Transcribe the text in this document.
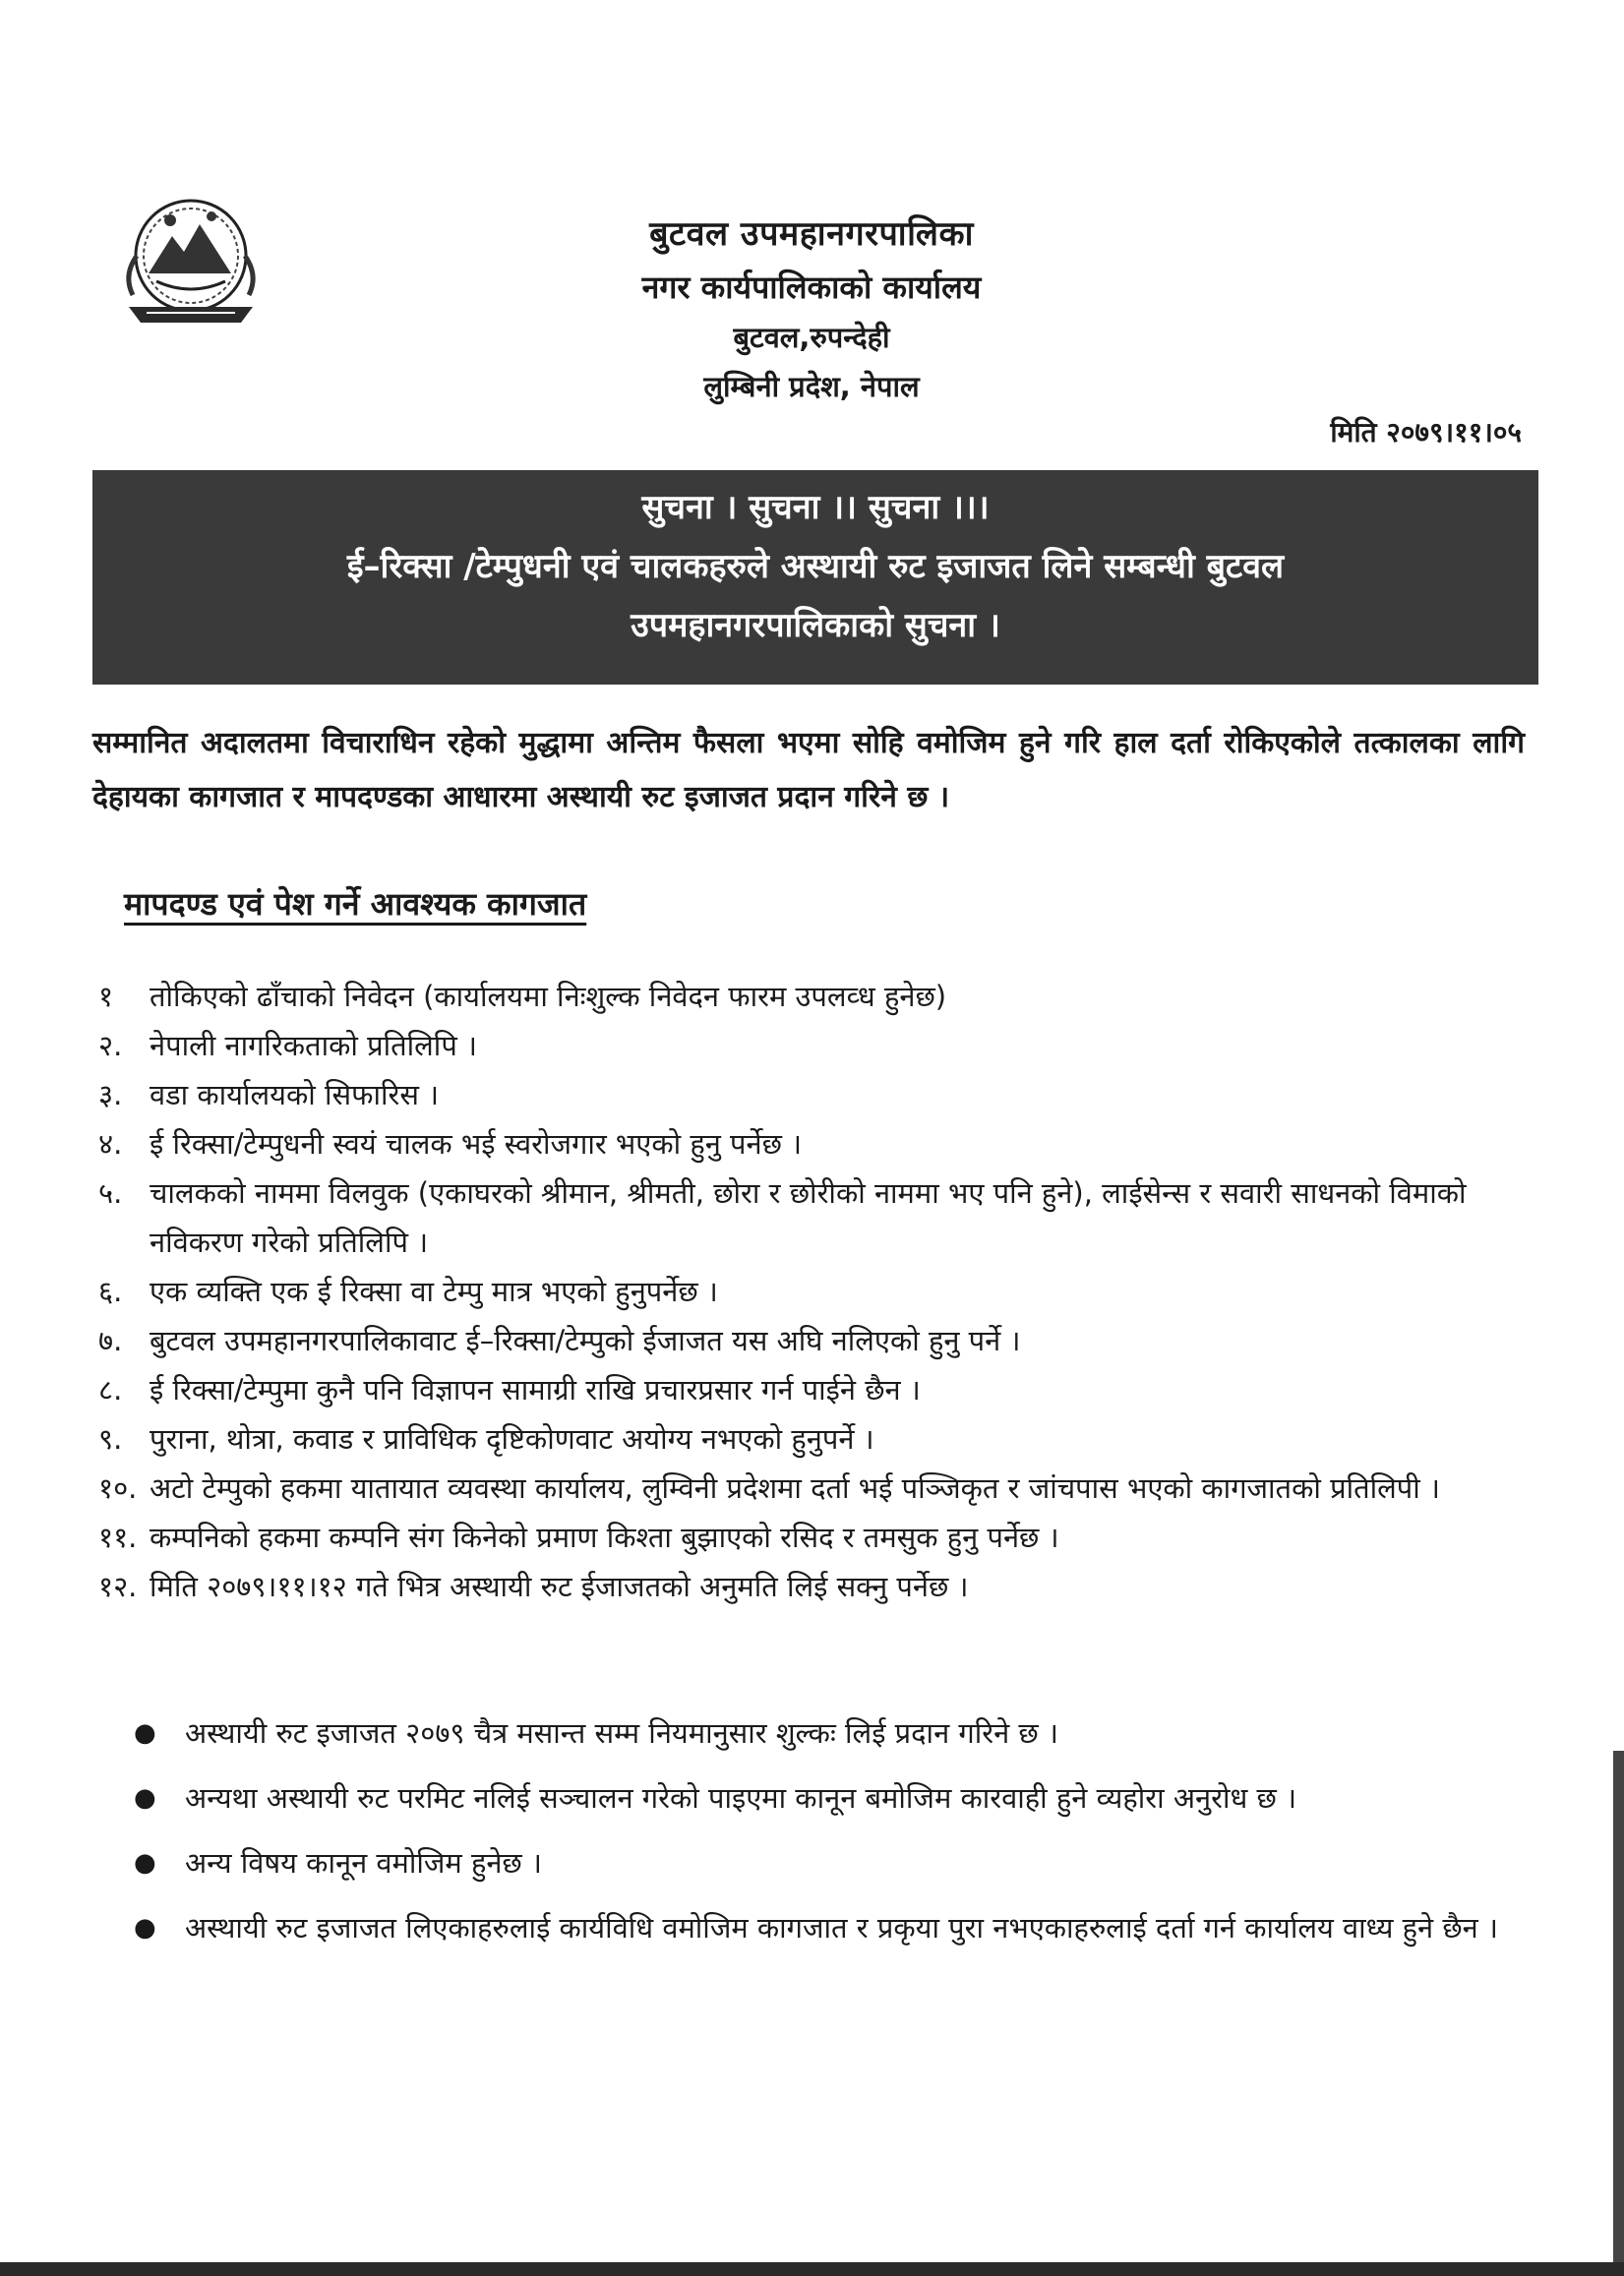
बुटवल उपमहानगरपालिका
नगर कार्यपालिकाको कार्यालय
बुटवल,रुपन्देही
लुम्बिनी प्रदेश, नेपाल
मिति २०७९।११।०५
सुचना । सुचना ।। सुचना ।।।
ई–रिक्सा /टेम्पुधनी एवं चालकहरुले अस्थायी रुट इजाजत लिने सम्बन्धी बुटवल
उपमहानगरपालिकाको सुचना ।

सम्मानित अदालतमा विचाराधिन रहेको मुद्धामा अन्तिम फैसला भएमा सोहि वमोजिम हुने गरि हाल दर्ता रोकिएकोले तत्कालका लागि देहायका कागजात र मापदण्डका आधारमा अस्थायी रुट इजाजत प्रदान गरिने छ ।

मापदण्ड एवं पेश गर्ने आवश्यक कागजात
१	तोकिएको ढाँचाको निवेदन (कार्यालयमा निःशुल्क निवेदन फारम उपलव्ध हुनेछ)
२. नेपाली नागरिकताको प्रतिलिपि ।
३. वडा कार्यालयको सिफारिस ।
४. ई रिक्सा/टेम्पुधनी स्वयं चालक भई स्वरोजगार भएको हुनु पर्नेछ ।
५. चालकको नाममा विलवुक (एकाघरको श्रीमान, श्रीमती, छोरा र छोरीको नाममा भए पनि हुने), लाईसेन्स र सवारी साधनको विमाको नविकरण गरेको प्रतिलिपि ।
६. एक व्यक्ति एक ई रिक्सा वा टेम्पु मात्र भएको हुनुपर्नेछ ।
७. बुटवल उपमहानगरपालिकावाट ई–रिक्सा/टेम्पुको ईजाजत यस अघि नलिएको हुनु पर्ने ।
८. ई रिक्सा/टेम्पुमा कुनै पनि विज्ञापन सामाग्री राखि प्रचारप्रसार गर्न पाईने छैन ।
९. पुराना, थोत्रा, कवाड र प्राविधिक दृष्टिकोणवाट अयोग्य नभएको हुनुपर्ने ।
१०. अटो टेम्पुको हकमा यातायात व्यवस्था कार्यालय, लुम्विनी प्रदेशमा दर्ता भई पञ्जिकृत र जांचपास भएको कागजातको प्रतिलिपी ।
११. कम्पनिको हकमा कम्पनि संग किनेको प्रमाण किश्ता बुझाएको रसिद र तमसुक हुनु पर्नेछ ।
१२. मिति २०७९।११।१२ गते भित्र अस्थायी रुट ईजाजतको अनुमति लिई सक्नु पर्नेछ ।
●	अस्थायी रुट इजाजत २०७९ चैत्र मसान्त सम्म नियमानुसार शुल्कः लिई प्रदान गरिने छ ।
●	अन्यथा अस्थायी रुट परमिट नलिई सञ्चालन गरेको पाइएमा कानून बमोजिम कारवाही हुने व्यहोरा अनुरोध छ ।
●	अन्य विषय कानून वमोजिम हुनेछ ।
●	अस्थायी रुट इजाजत लिएकाहरुलाई कार्यविधि वमोजिम कागजात र प्रकृया पुरा नभएकाहरुलाई दर्ता गर्न कार्यालय वाध्य हुने छैन ।
